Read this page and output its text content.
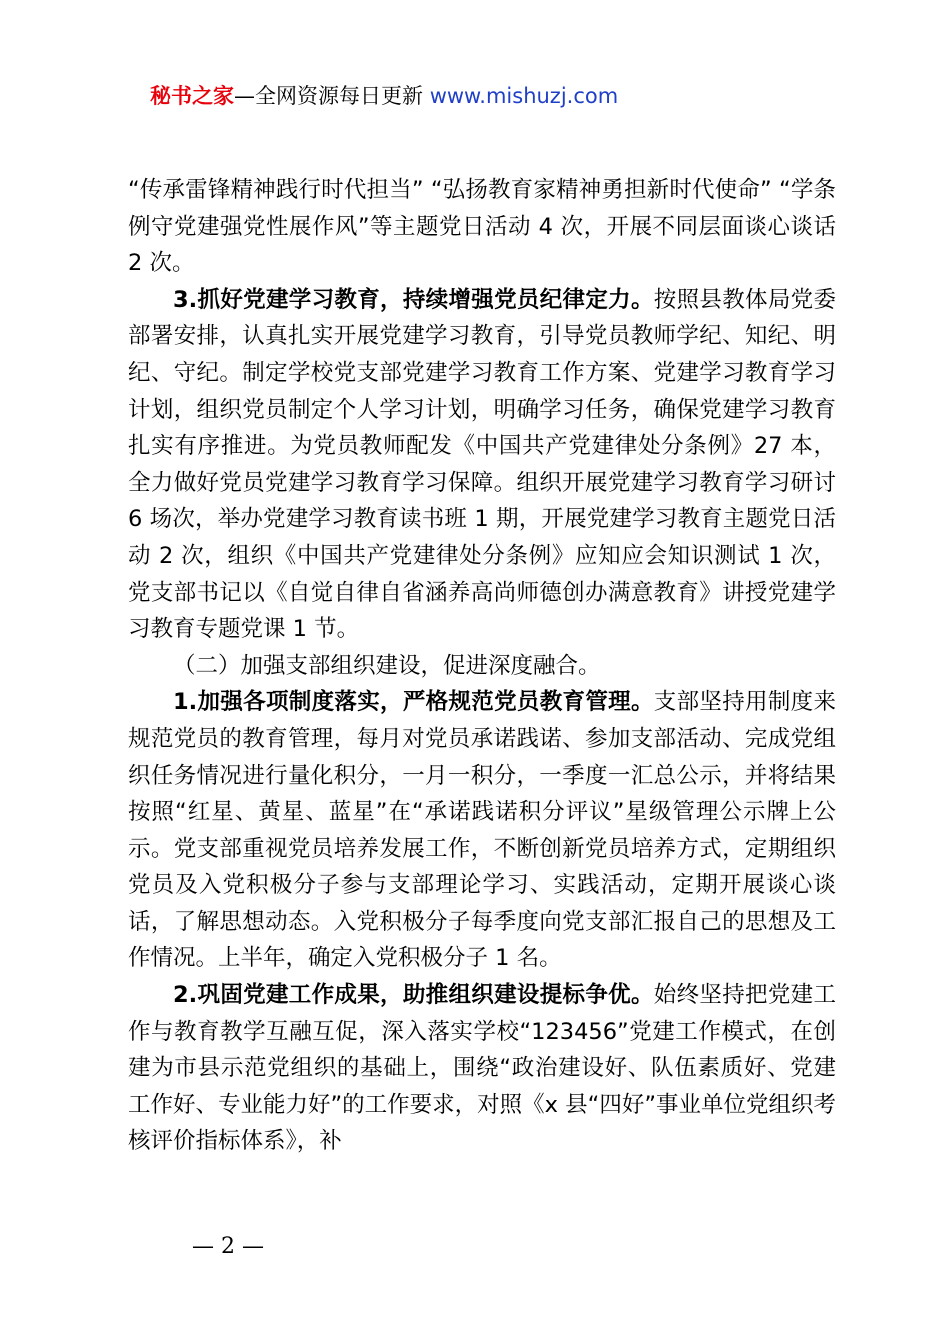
秘书之家—全网资源每日更新 www.mishuzj.com

“传承雷锋精神践行时代担当” “弘扬教育家精神勇担新时代使命” “学条例守党建强党性展作风”等主题党日活动 4 次，开展不同层面谈心谈话 2 次。

3.抓好党建学习教育，持续增强党员纪律定力。按照县教体局党委部署安排，认真扎实开展党建学习教育，引导党员教师学纪、知纪、明纪、守纪。制定学校党支部党建学习教育工作方案、党建学习教育学习计划，组织党员制定个人学习计划，明确学习任务，确保党建学习教育扎实有序推进。为党员教师配发《中国共产党建律处分条例》27 本，全力做好党员党建学习教育学习保障。组织开展党建学习教育学习研讨 6 场次，举办党建学习教育读书班 1 期，开展党建学习教育主题党日活动 2 次，组织《中国共产党建律处分条例》应知应会知识测试 1 次，党支部书记以《自觉自律自省涵养高尚师德创办满意教育》讲授党建学习教育专题党课 1 节。

（二）加强支部组织建设，促进深度融合。

1.加强各项制度落实，严格规范党员教育管理。支部坚持用制度来规范党员的教育管理，每月对党员承诺践诺、参加支部活动、完成党组织任务情况进行量化积分，一月一积分，一季度一汇总公示，并将结果按照“红星、黄星、蓝星”在“承诺践诺积分评议”星级管理公示牌上公示。党支部重视党员培养发展工作，不断创新党员培养方式，定期组织党员及入党积极分子参与支部理论学习、实践活动，定期开展谈心谈话，了解思想动态。入党积极分子每季度向党支部汇报自己的思想及工作情况。上半年，确定入党积极分子 1 名。

2.巩固党建工作成果，助推组织建设提标争优。始终坚持把党建工作与教育教学互融互促，深入落实学校“123456”党建工作模式，在创建为市县示范党组织的基础上，围绕“政治建设好、队伍素质好、党建工作好、专业能力好”的工作要求，对照《x 县“四好”事业单位党组织考核评价指标体系》，补

— 2 —
